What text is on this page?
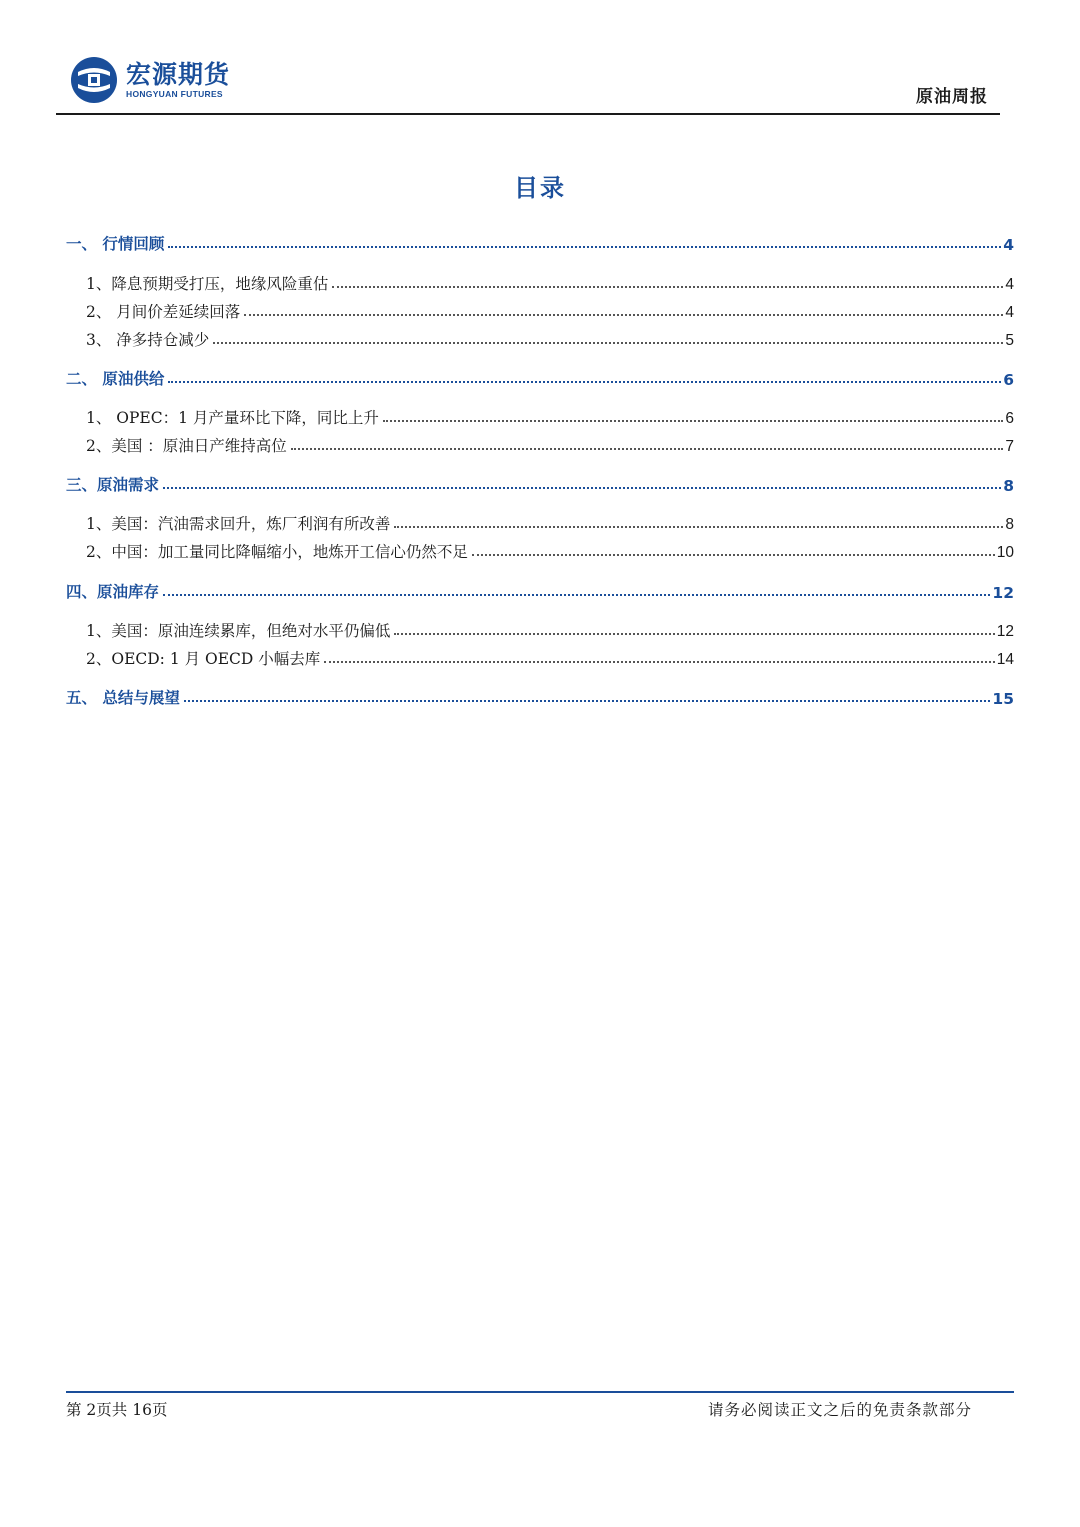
宏源期货
HONGYUAN FUTURES	原油周报
目录
一、 行情回顾	4
1、降息预期受打压，地缘风险重估	4
2、 月间价差延续回落	4
3、 净多持仓减少	5
二、 原油供给	6
1、 OPEC：1 月产量环比下降，同比上升	6
2、美国 ：原油日产维持高位	7
三、原油需求	8
1、美国：汽油需求回升，炼厂利润有所改善	8
2、中国：加工量同比降幅缩小，地炼开工信心仍然不足	10
四、原油库存	12
1、美国：原油连续累库，但绝对水平仍偏低	12
2、OECD: 1 月 OECD 小幅去库	14
五、 总结与展望	15
第 2页共 16页	请务必阅读正文之后的免责条款部分
